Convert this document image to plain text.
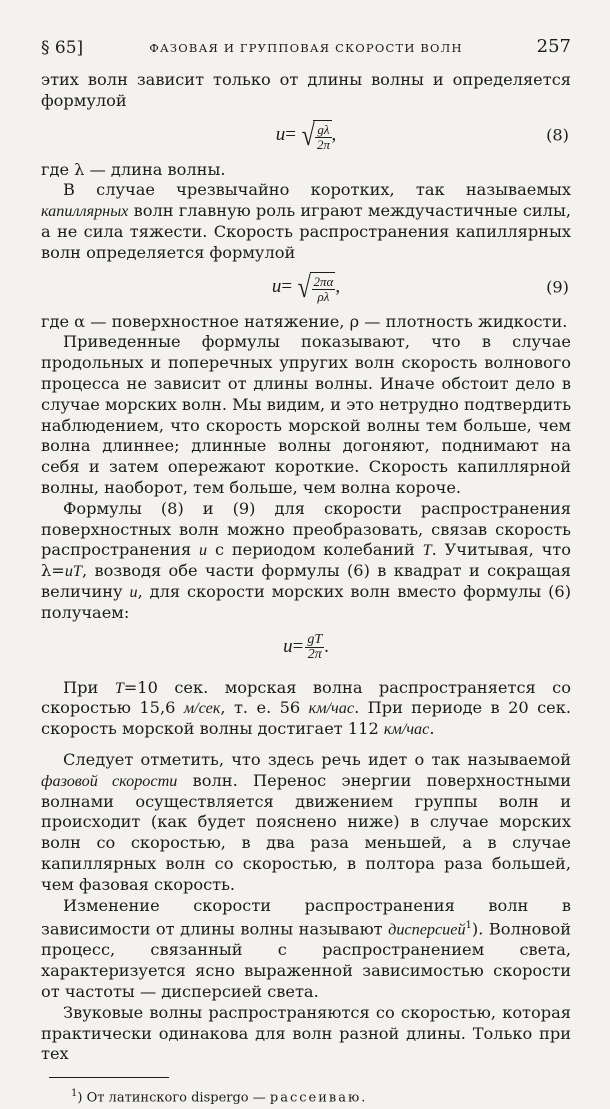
§ 65]	ФАЗОВАЯ И ГРУППОВАЯ СКОРОСТИ ВОЛН	257

этих волн зависит только от длины волны и определяется формулой

u = √ $\frac{g\lambda}{2\pi}$ ,	(8)

где λ — длина волны.

В случае чрезвычайно коротких, так называемых капиллярных волн главную роль играют междучастичные силы, а не сила тяжести. Скорость распространения капиллярных волн определяется формулой

u = √ $\frac{2\pi\alpha}{\rho\lambda}$ ,	(9)

где α — поверхностное натяжение, ρ — плотность жидкости.

Приведенные формулы показывают, что в случае продольных и поперечных упругих волн скорость волнового процесса не зависит от длины волны. Иначе обстоит дело в случае морских волн. Мы видим, и это нетрудно подтвердить наблюдением, что скорость морской волны тем больше, чем волна длиннее; длинные волны догоняют, поднимают на себя и затем опережают короткие. Скорость капиллярной волны, наоборот, тем больше, чем волна короче.

Формулы (8) и (9) для скорости распространения поверхностных волн можно преобразовать, связав скорость распространения u с периодом колебаний T. Учитывая, что λ=uT, возводя обе части формулы (6) в квадрат и сокращая величину u, для скорости морских волн вместо формулы (6) получаем:

$u = \frac{gT}{2\pi}$ .

При T=10 сек. морская волна распространяется со скоростью 15,6 м/сек, т. е. 56 км/час. При периоде в 20 сек. скорость морской волны достигает 112 км/час.

Следует отметить, что здесь речь идет о так называемой фазовой скорости волн. Перенос энергии поверхностными волнами осуществляется движением группы волн и происходит (как будет пояснено ниже) в случае морских волн со скоростью, в два раза меньшей, а в случае капиллярных волн со скоростью, в полтора раза большей, чем фазовая скорость.

Изменение скорости распространения волн в зависимости от длины волны называют дисперсией$^1$). Волновой процесс, связанный с распространением света, характеризуется ясно выраженной зависимостью скорости от частоты — дисперсией света.

Звуковые волны распространяются со скоростью, которая практически одинакова для волн разной длины. Только при тех

$^1$) От латинского dispergo — рассеиваю.
